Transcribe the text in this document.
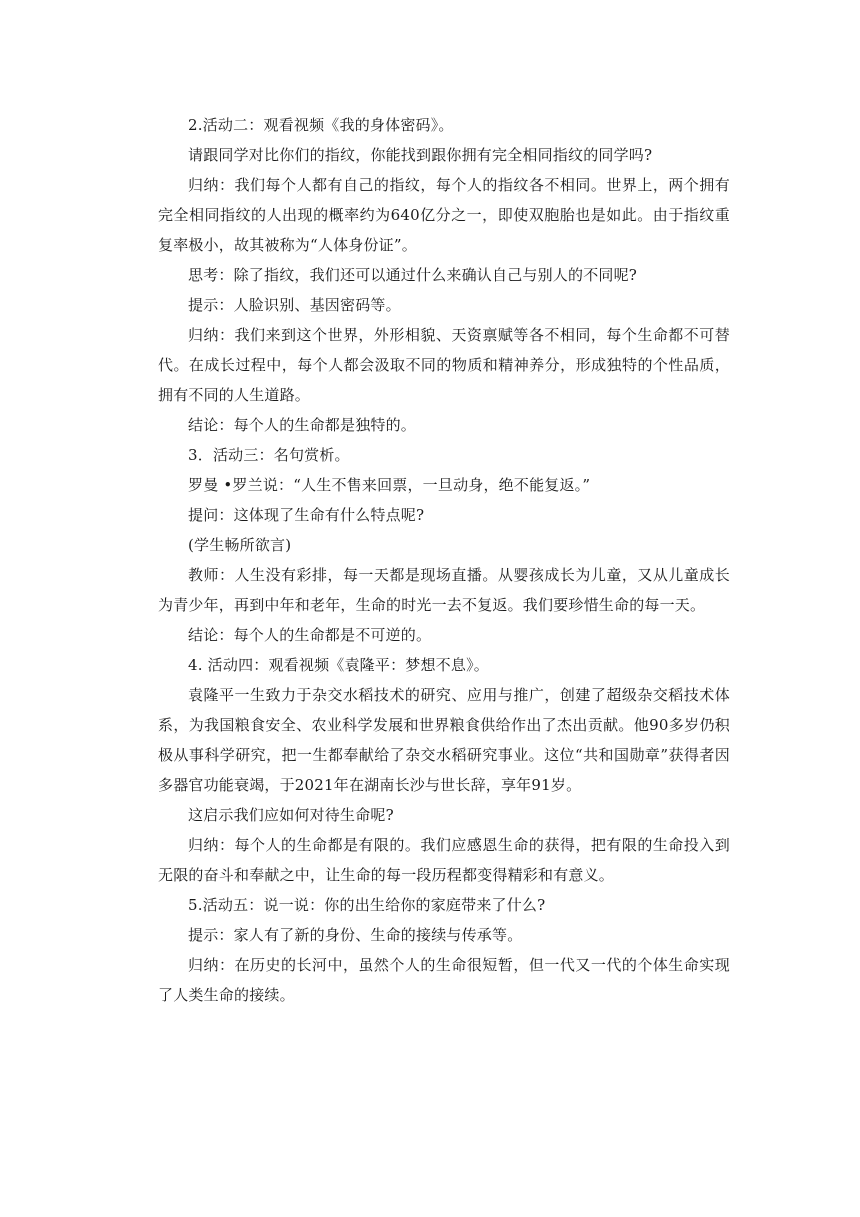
2.活动二：观看视频《我的身体密码》。

请跟同学对比你们的指纹，你能找到跟你拥有完全相同指纹的同学吗?

归纳：我们每个人都有自己的指纹，每个人的指纹各不相同。世界上，两个拥有完全相同指纹的人出现的概率约为640亿分之一，即使双胞胎也是如此。由于指纹重复率极小，故其被称为“人体身份证”。

思考：除了指纹，我们还可以通过什么来确认自己与别人的不同呢?

提示：人脸识别、基因密码等。

归纳：我们来到这个世界，外形相貌、天资禀赋等各不相同，每个生命都不可替代。在成长过程中，每个人都会汲取不同的物质和精神养分，形成独特的个性品质，拥有不同的人生道路。

结论：每个人的生命都是独特的。

3．活动三：名句赏析。

罗曼 •罗兰说：“人生不售来回票，一旦动身，绝不能复返。”

提问：这体现了生命有什么特点呢?

(学生畅所欲言)

教师：人生没有彩排，每一天都是现场直播。从婴孩成长为儿童，又从儿童成长为青少年，再到中年和老年，生命的时光一去不复返。我们要珍惜生命的每一天。

结论：每个人的生命都是不可逆的。

4. 活动四：观看视频《袁隆平：梦想不息》。

袁隆平一生致力于杂交水稻技术的研究、应用与推广，创建了超级杂交稻技术体系，为我国粮食安全、农业科学发展和世界粮食供给作出了杰出贡献。他90多岁仍积极从事科学研究，把一生都奉献给了杂交水稻研究事业。这位“共和国勋章”获得者因多器官功能衰竭，于2021年在湖南长沙与世长辞，享年91岁。

这启示我们应如何对待生命呢?

归纳：每个人的生命都是有限的。我们应感恩生命的获得，把有限的生命投入到无限的奋斗和奉献之中，让生命的每一段历程都变得精彩和有意义。

5.活动五：说一说：你的出生给你的家庭带来了什么?

提示：家人有了新的身份、生命的接续与传承等。

归纳：在历史的长河中，虽然个人的生命很短暂，但一代又一代的个体生命实现了人类生命的接续。
